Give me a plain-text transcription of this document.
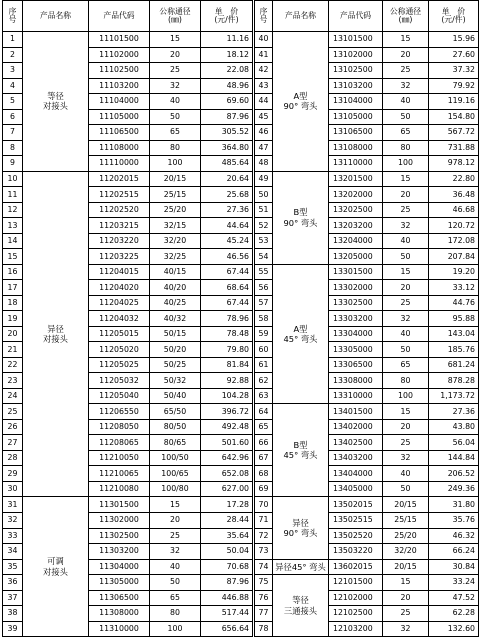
序
号	产品名称	产品代码	公称通径
(㎜)	单　价
(元/件)

1	等径
对接头	11101500	15	11.16
2		11102000	20	18.12
3		11102500	25	22.08
4		11103200	32	48.96
5		11104000	40	69.60
6		11105000	50	87.96
7		11106500	65	305.52
8		11108000	80	364.80
9		11110000	100	485.64
10	异径
对接头	11202015	20/15	20.64
11		11202515	25/15	25.68
12		11202520	25/20	27.36
13		11203215	32/15	44.64
14		11203220	32/20	45.24
15		11203225	32/25	46.56
16		11204015	40/15	67.44
17		11204020	40/20	68.64
18		11204025	40/25	67.44
19		11204032	40/32	78.96
20		11205015	50/15	78.48
21		11205020	50/20	79.80
22		11205025	50/25	81.84
23		11205032	50/32	92.88
24		11205040	50/40	104.28
25		11206550	65/50	396.72
26		11208050	80/50	492.48
27		11208065	80/65	501.60
28		11210050	100/50	642.96
29		11210065	100/65	652.08
30		11210080	100/80	627.00
31	可调
对接头	11301500	15	17.28
32		11302000	20	28.44
33		11302500	25	35.64
34		11303200	32	50.04
35		11304000	40	70.68
36		11305000	50	87.96
37		11306500	65	446.88
38		11308000	80	517.44
39		11310000	100	656.64
序
号	产品名称	产品代码	公称通径
(㎜)	单　价
(元/件)

40	A型
90° 弯头	13101500	15	15.96
41		13102000	20	27.60
42		13102500	25	37.32
43		13103200	32	79.92
44		13104000	40	119.16
45		13105000	50	154.80
46		13106500	65	567.72
47		13108000	80	731.88
48		13110000	100	978.12
49	B型
90° 弯头	13201500	15	22.80
50		13202000	20	36.48
51		13202500	25	46.68
52		13203200	32	120.72
53		13204000	40	172.08
54		13205000	50	207.84
55	A型
45° 弯头	13301500	15	19.20
56		13302000	20	33.12
57		13302500	25	44.76
58		13303200	32	95.88
59		13304000	40	143.04
60		13305000	50	185.76
61		13306500	65	681.24
62		13308000	80	878.28
63		13310000	100	1,173.72
64	B型
45° 弯头	13401500	15	27.36
65		13402000	20	43.80
66		13402500	25	56.04
67		13403200	32	144.84
68		13404000	40	206.52
69		13405000	50	249.36
70	异径
90° 弯头	13502015	20/15	31.80
71		13502515	25/15	35.76
72		13502520	25/20	46.32
73		13503220	32/20	66.24
74	异径45° 弯头	13602015	20/15	30.84
75	等径
三通接头	12101500	15	33.24
76		12102000	20	47.52
77		12102500	25	62.28
78		12103200	32	132.60
